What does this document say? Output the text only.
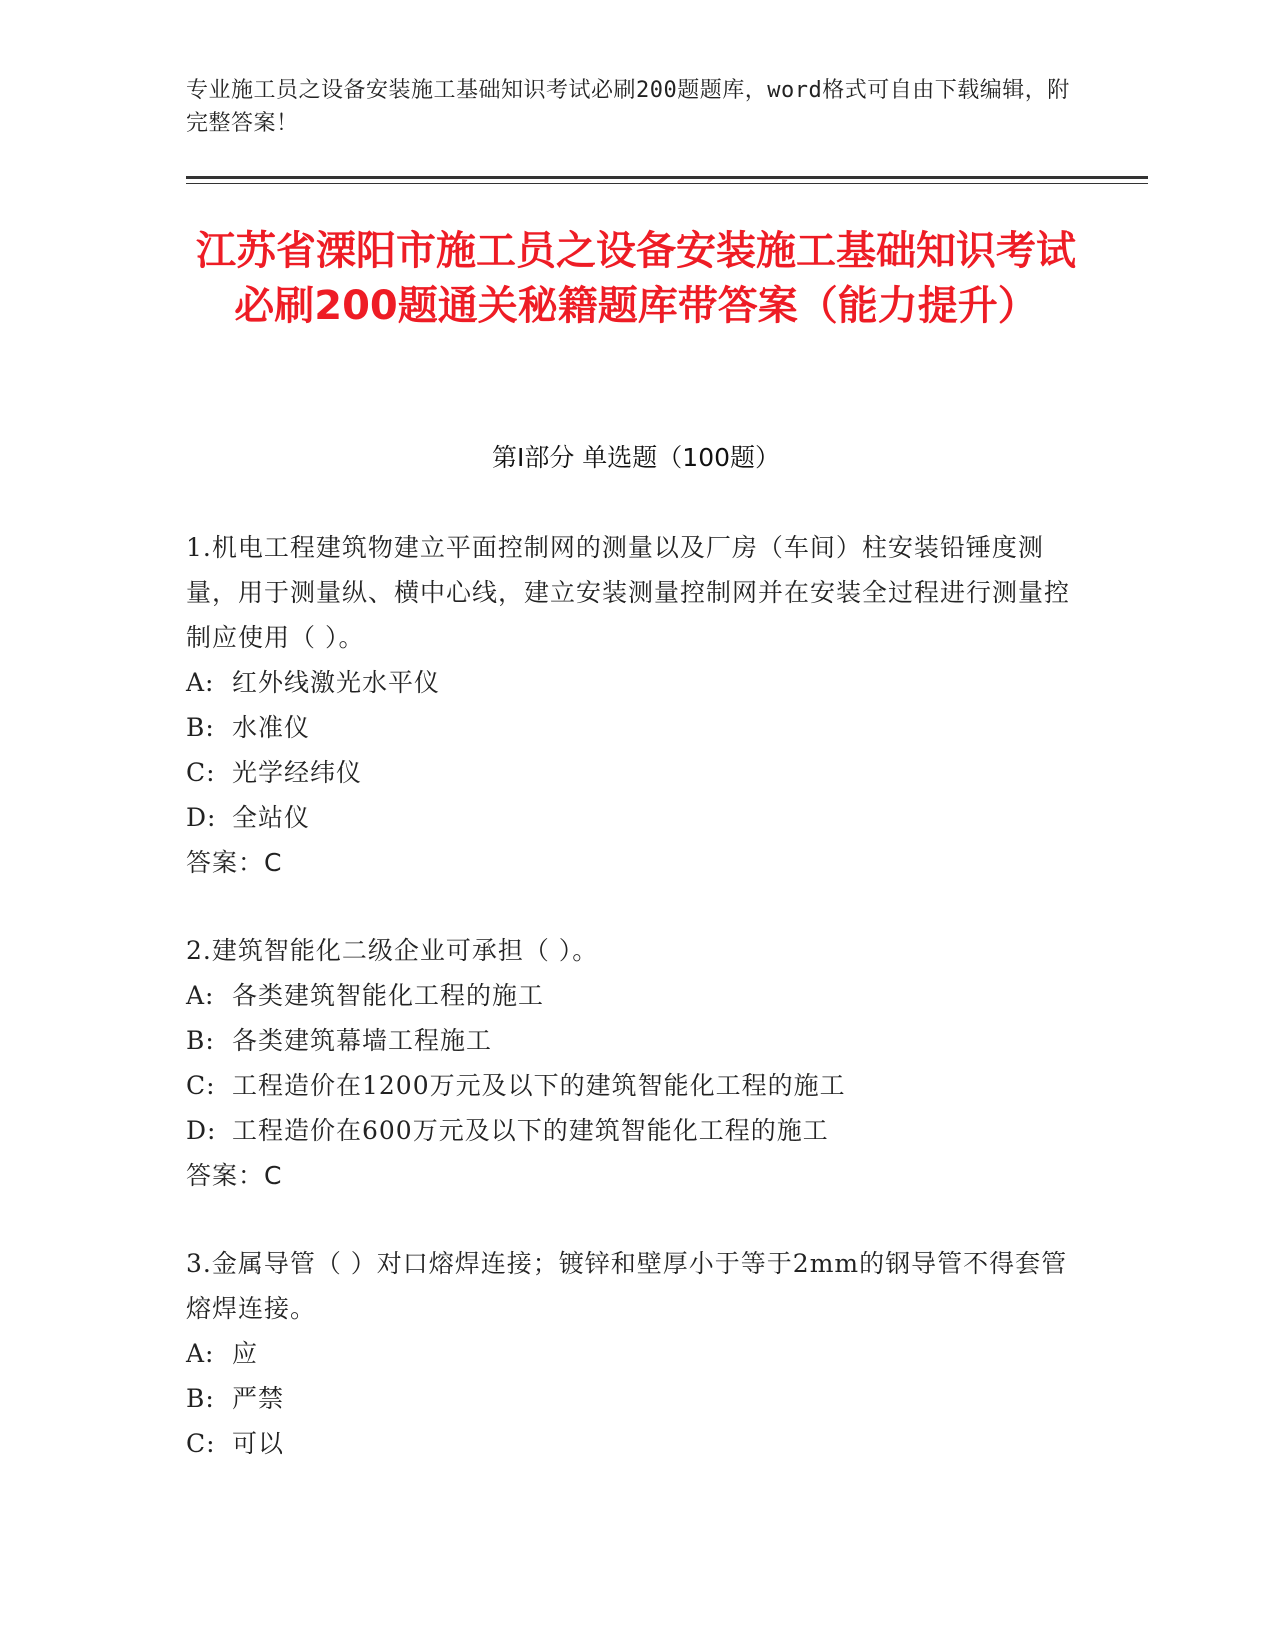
专业施工员之设备安装施工基础知识考试必刷200题题库，word格式可自由下载编辑，附完整答案！
江苏省溧阳市施工员之设备安装施工基础知识考试必刷200题通关秘籍题库带答案（能力提升）
第Ⅰ部分 单选题（100题）

1.机电工程建筑物建立平面控制网的测量以及厂房（车间）柱安装铅锤度测量，用于测量纵、横中心线，建立安装测量控制网并在安装全过程进行测量控制应使用（ ）。

A: 红外线激光水平仪

B: 水准仪

C: 光学经纬仪

D: 全站仪

答案：C

2.建筑智能化二级企业可承担（ ）。

A: 各类建筑智能化工程的施工

B: 各类建筑幕墙工程施工

C: 工程造价在1200万元及以下的建筑智能化工程的施工

D: 工程造价在600万元及以下的建筑智能化工程的施工

答案：C

3.金属导管（ ）对口熔焊连接；镀锌和壁厚小于等于2mm的钢导管不得套管熔焊连接。

A: 应

B: 严禁

C: 可以
